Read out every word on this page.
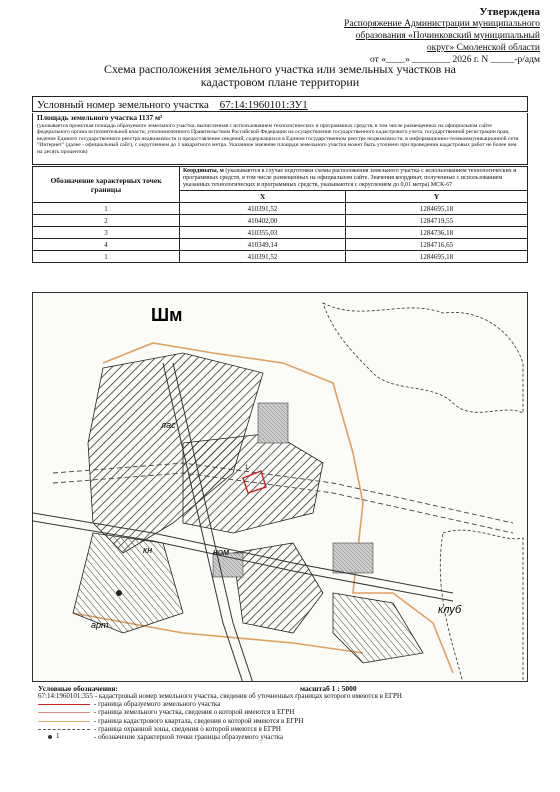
Утверждена
Распоряжение Администрации муниципального
образования «Починковский муниципальный
округ» Смоленской области
от «____» ________ 2026 г. N _____-р/адм
Схема расположения земельного участка или земельных участков на
кадастровом плане территории
Условный номер земельного участка 67:14:1960101:ЗУ1
Площадь земельного участка 1137 м²
(указывается проектная площадь образуемого земельного участка, вычисленная с использованием технологических и программных средств, в том числе размещенных на официальном сайте федерального органа исполнительной власти, уполномоченного Правительством Российской Федерации на осуществление государственного кадастрового учета, государственной регистрации прав, ведение Единого государственного реестра недвижимости и предоставление сведений, содержащихся в Едином государственном реестре недвижимости, в информационно-телекоммуникационной сети "Интернет" (далее - официальный сайт), с округлением до 1 квадратного метра. Указанное значение площади земельного участка может быть уточнено при проведении кадастровых работ не более чем на десять процентов)
Обозначение характерных точек границы	Координаты, м (указываются в случае подготовки схемы расположения земельного участка с использованием технологических и программных средств, в том числе размещенных на официальном сайте. Значения координат, полученные с использованием указанных технологических и программных средств, указываются с округлением до 0,01 метра) МСК-67	
	X	Y
1	410391,52	1284695,18
2	410402,00	1284719,55
3	410355,03	1284736,18
4	410349,14	1284716,65
1	410391,52	1284695,18
Шм
лас
кн	ном
арт
клуб
1
Условные обозначения:	масштаб 1 : 5000
67:14:1960101:355 - кадастровый номер земельного участка, сведения об уточненных границах которого имеются в ЕГРН
- граница образуемого земельного участка
- граница земельного участка, сведения о которой имеются в ЕГРН
- граница кадастрового квартала, сведения о которой имеются в ЕГРН
- граница охранной зоны, сведения о которой имеются в ЕГРН
1	- обозначение характерной точки границы образуемого участка
